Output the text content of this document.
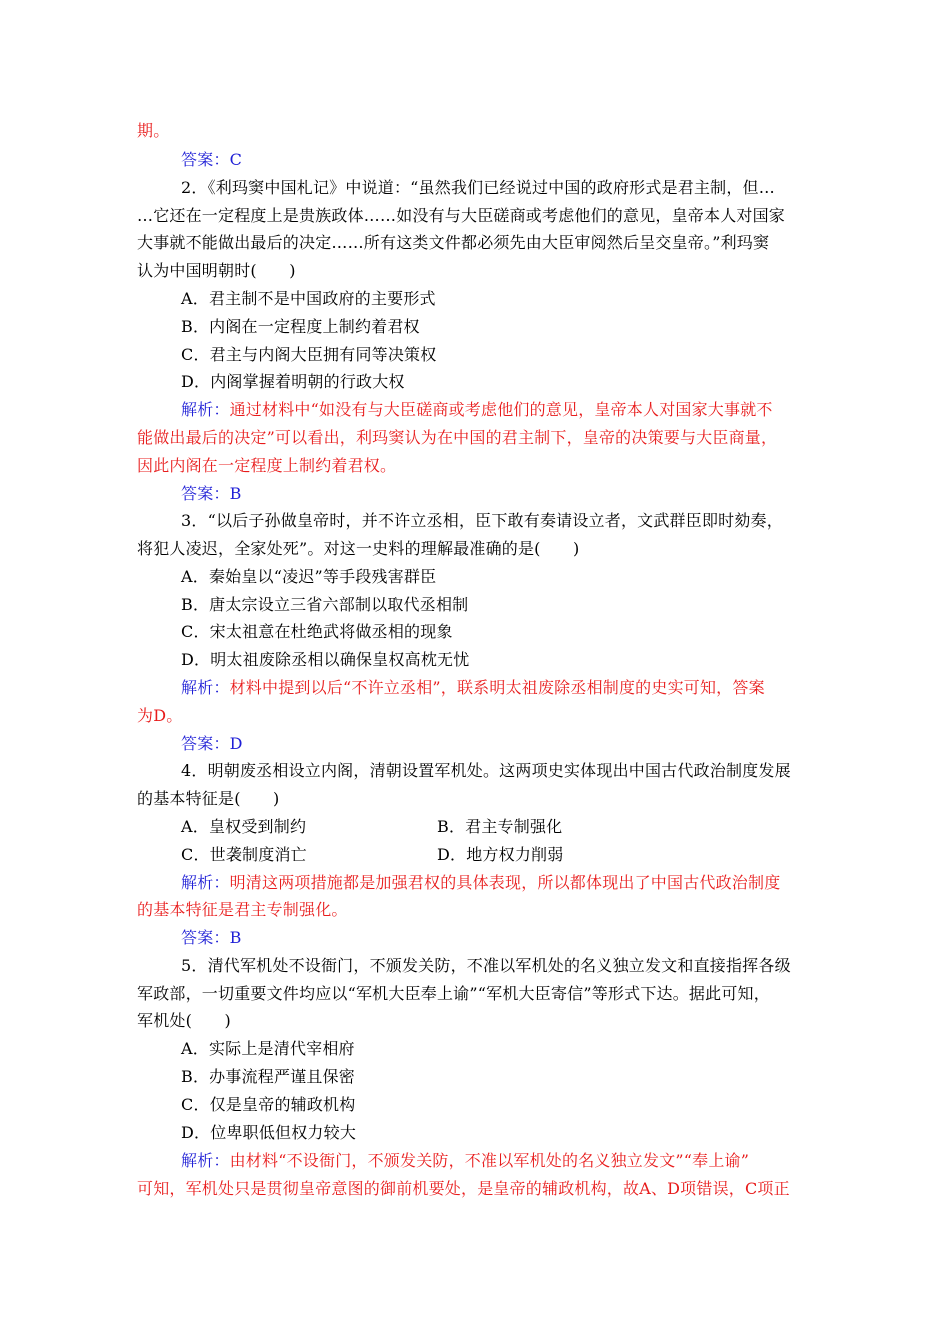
期。
答案：C
2．《利玛窦中国札记》中说道：“虽然我们已经说过中国的政府形式是君主制，但…
…它还在一定程度上是贵族政体……如没有与大臣磋商或考虑他们的意见，皇帝本人对国家
大事就不能做出最后的决定……所有这类文件都必须先由大臣审阅然后呈交皇帝。”利玛窦
认为中国明朝时(　　)
A．君主制不是中国政府的主要形式
B．内阁在一定程度上制约着君权
C．君主与内阁大臣拥有同等决策权
D．内阁掌握着明朝的行政大权
解析：通过材料中“如没有与大臣磋商或考虑他们的意见，皇帝本人对国家大事就不
能做出最后的决定”可以看出，利玛窦认为在中国的君主制下，皇帝的决策要与大臣商量，
因此内阁在一定程度上制约着君权。
答案：B
3．“以后子孙做皇帝时，并不许立丞相，臣下敢有奏请设立者，文武群臣即时劾奏，
将犯人凌迟，全家处死”。对这一史料的理解最准确的是(　　)
A．秦始皇以“凌迟”等手段残害群臣
B．唐太宗设立三省六部制以取代丞相制
C．宋太祖意在杜绝武将做丞相的现象
D．明太祖废除丞相以确保皇权高枕无忧
解析：材料中提到以后“不许立丞相”，联系明太祖废除丞相制度的史实可知，答案
为D。
答案：D
4．明朝废丞相设立内阁，清朝设置军机处。这两项史实体现出中国古代政治制度发展
的基本特征是(　　)
A．皇权受到制约	B．君主专制强化
C．世袭制度消亡	D．地方权力削弱
解析：明清这两项措施都是加强君权的具体表现，所以都体现出了中国古代政治制度
的基本特征是君主专制强化。
答案：B
5．清代军机处不设衙门，不颁发关防，不准以军机处的名义独立发文和直接指挥各级
军政部，一切重要文件均应以“军机大臣奉上谕”“军机大臣寄信”等形式下达。据此可知，
军机处(　　)
A．实际上是清代宰相府
B．办事流程严谨且保密
C．仅是皇帝的辅政机构
D．位卑职低但权力较大
解析：由材料“不设衙门，不颁发关防，不准以军机处的名义独立发文”“奉上谕”
可知，军机处只是贯彻皇帝意图的御前机要处，是皇帝的辅政机构，故A、D项错误，C项正
